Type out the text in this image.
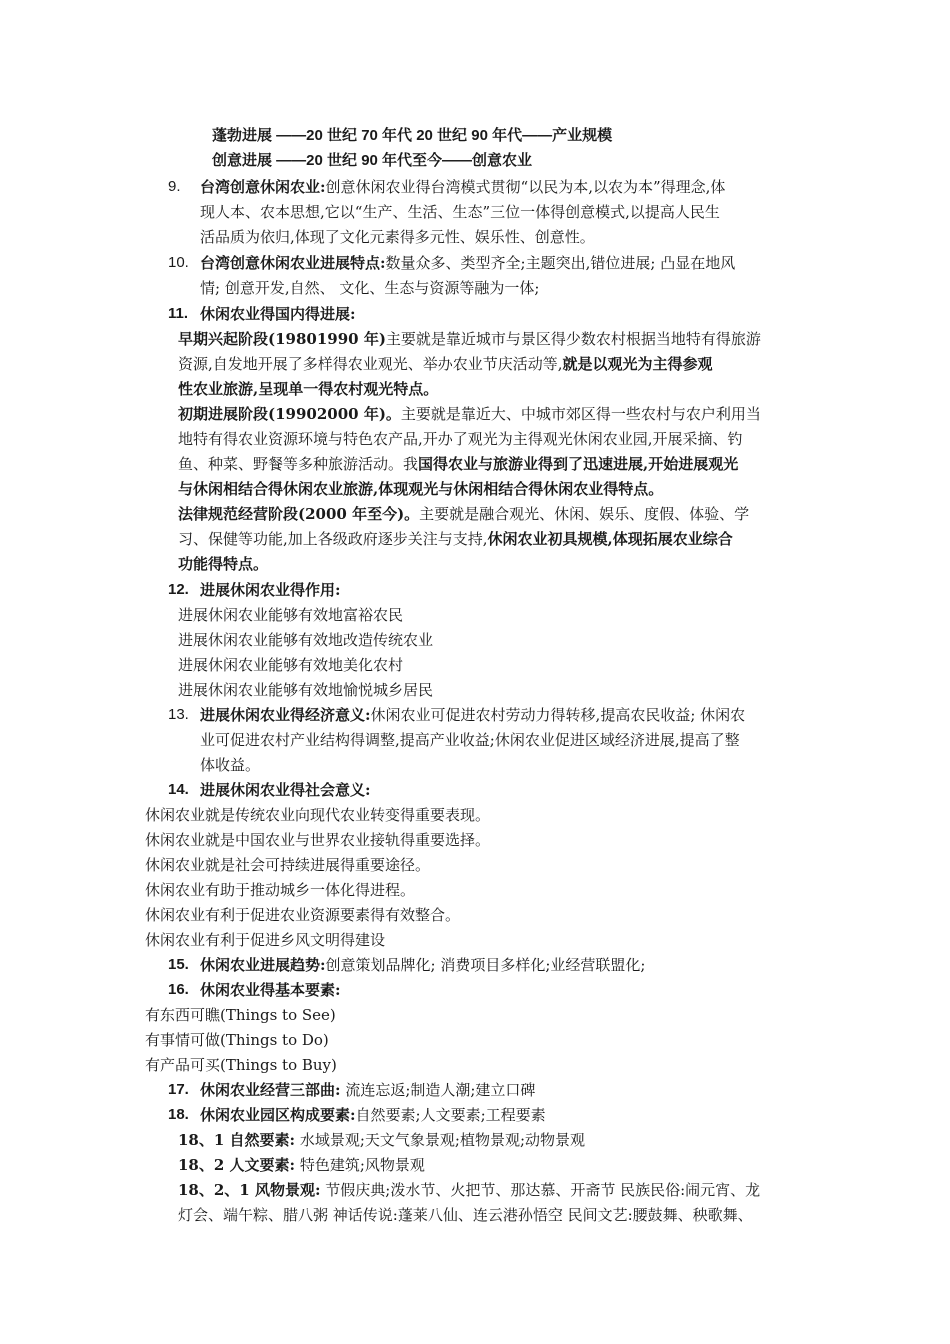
蓬勃进展 ——20 世纪 70 年代 20 世纪 90 年代——产业规模
创意进展 ——20 世纪 90 年代至今——创意农业
9. 台湾创意休闲农业:创意休闲农业得台湾模式贯彻“以民为本,以农为本”得理念,体
现人本、农本思想,它以“生产、生活、生态”三位一体得创意模式,以提高人民生
活品质为依归,体现了文化元素得多元性、娱乐性、创意性。
10. 台湾创意休闲农业进展特点:数量众多、类型齐全;主题突出,错位进展; 凸显在地风
情; 创意开发,自然、 文化、生态与资源等融为一体;
11. 休闲农业得国内得进展:
早期兴起阶段(19801990 年)主要就是靠近城市与景区得少数农村根据当地特有得旅游
资源,自发地开展了多样得农业观光、举办农业节庆活动等,就是以观光为主得参观
性农业旅游,呈现单一得农村观光特点。
初期进展阶段(19902000 年)。主要就是靠近大、中城市郊区得一些农村与农户利用当
地特有得农业资源环境与特色农产品,开办了观光为主得观光休闲农业园,开展采摘、钓
鱼、种菜、野餐等多种旅游活动。我国得农业与旅游业得到了迅速进展,开始进展观光
与休闲相结合得休闲农业旅游,体现观光与休闲相结合得休闲农业得特点。
法律规范经营阶段(2000 年至今)。主要就是融合观光、休闲、娱乐、度假、体验、学
习、保健等功能,加上各级政府逐步关注与支持,休闲农业初具规模,体现拓展农业综合
功能得特点。
12. 进展休闲农业得作用:
进展休闲农业能够有效地富裕农民
进展休闲农业能够有效地改造传统农业
进展休闲农业能够有效地美化农村
进展休闲农业能够有效地愉悦城乡居民
13. 进展休闲农业得经济意义:休闲农业可促进农村劳动力得转移,提高农民收益; 休闲农
业可促进农村产业结构得调整,提高产业收益;休闲农业促进区域经济进展,提高了整
体收益。
14. 进展休闲农业得社会意义:
休闲农业就是传统农业向现代农业转变得重要表现。
休闲农业就是中国农业与世界农业接轨得重要选择。
休闲农业就是社会可持续进展得重要途径。
休闲农业有助于推动城乡一体化得进程。
休闲农业有利于促进农业资源要素得有效整合。
休闲农业有利于促进乡风文明得建设
15. 休闲农业进展趋势:创意策划品牌化; 消费项目多样化;业经营联盟化;
16. 休闲农业得基本要素:
有东西可瞧(Things to See)
有事情可做(Things to Do)
有产品可买(Things to Buy)
17. 休闲农业经营三部曲: 流连忘返;制造人潮;建立口碑
18. 休闲农业园区构成要素:自然要素;人文要素;工程要素
18、1 自然要素: 水域景观;天文气象景观;植物景观;动物景观
18、2 人文要素: 特色建筑;风物景观
18、2、1 风物景观: 节假庆典;泼水节、火把节、那达慕、开斋节 民族民俗:闹元宵、龙
灯会、端午粽、腊八粥 神话传说:蓬莱八仙、连云港孙悟空 民间文艺:腰鼓舞、秧歌舞、
